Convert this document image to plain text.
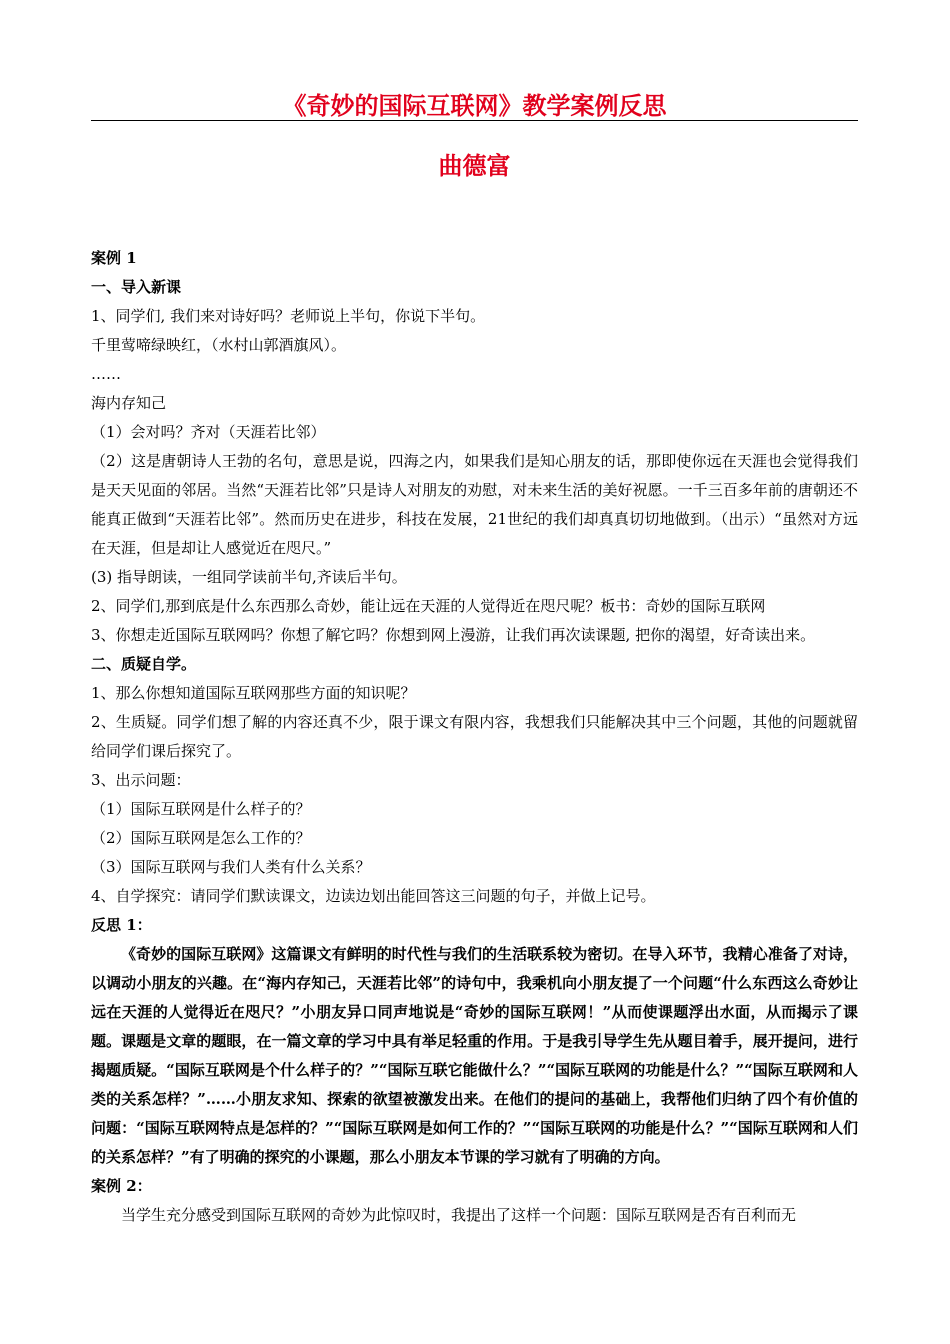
《奇妙的国际互联网》教学案例反思
曲德富

案例 1

一、导入新课

1、同学们, 我们来对诗好吗？老师说上半句，你说下半句。

千里莺啼绿映红，（水村山郭酒旗风）。

……

海内存知己

（1）会对吗？齐对（天涯若比邻）

（2）这是唐朝诗人王勃的名句，意思是说，四海之内，如果我们是知心朋友的话，那即使你远在天涯也会觉得我们是天天见面的邻居。当然“天涯若比邻”只是诗人对朋友的劝慰，对未来生活的美好祝愿。一千三百多年前的唐朝还不能真正做到“天涯若比邻”。然而历史在进步，科技在发展，21世纪的我们却真真切切地做到。（出示）“虽然对方远在天涯，但是却让人感觉近在咫尺。”

(3) 指导朗读，一组同学读前半句,齐读后半句。

2、同学们,那到底是什么东西那么奇妙，能让远在天涯的人觉得近在咫尺呢？板书：奇妙的国际互联网

3、你想走近国际互联网吗？你想了解它吗？你想到网上漫游，让我们再次读课题, 把你的渴望，好奇读出来。

二、质疑自学。

1、那么你想知道国际互联网那些方面的知识呢？

2、生质疑。同学们想了解的内容还真不少，限于课文有限内容，我想我们只能解决其中三个问题，其他的问题就留给同学们课后探究了。

3、出示问题：

（1）国际互联网是什么样子的？

（2）国际互联网是怎么工作的？

（3）国际互联网与我们人类有什么关系？

4、自学探究：请同学们默读课文，边读边划出能回答这三问题的句子，并做上记号。

反思 1：

《奇妙的国际互联网》这篇课文有鲜明的时代性与我们的生活联系较为密切。在导入环节，我精心准备了对诗，以调动小朋友的兴趣。在“海内存知己，天涯若比邻”的诗句中，我乘机向小朋友提了一个问题“什么东西这么奇妙让远在天涯的人觉得近在咫尺？”小朋友异口同声地说是“奇妙的国际互联网！”从而使课题浮出水面，从而揭示了课题。课题是文章的题眼，在一篇文章的学习中具有举足轻重的作用。于是我引导学生先从题目着手，展开提问，进行揭题质疑。“国际互联网是个什么样子的？”“国际互联它能做什么？”“国际互联网的功能是什么？”“国际互联网和人类的关系怎样？”……小朋友求知、探索的欲望被激发出来。在他们的提问的基础上，我帮他们归纳了四个有价值的问题：“国际互联网特点是怎样的？”“国际互联网是如何工作的？”“国际互联网的功能是什么？”“国际互联网和人们的关系怎样？”有了明确的探究的小课题，那么小朋友本节课的学习就有了明确的方向。

案例 2：

当学生充分感受到国际互联网的奇妙为此惊叹时，我提出了这样一个问题：国际互联网是否有百利而无
